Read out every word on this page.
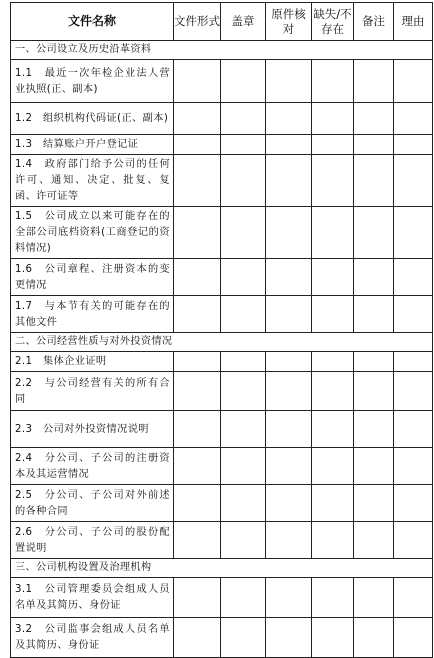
文件名称	文件形式	盖章	原件核对	缺失/不存在	备注	理由
一、公司设立及历史沿革资料						
1.1　最近一次年检企业法人营业执照(正、副本)						
1.2　组织机构代码证(正、副本)						
1.3　结算账户开户登记证						
1.4　政府部门给予公司的任何许可、通知、决定、批复、复函、许可证等						
1.5　公司成立以来可能存在的全部公司底档资料(工商登记的资料情况)						
1.6　公司章程、注册资本的变更情况						
1.7　与本节有关的可能存在的其他文件						
二、公司经营性质与对外投资情况						
2.1　集体企业证明						
2.2　与公司经营有关的所有合同						
2.3　公司对外投资情况说明						
2.4　分公司、子公司的注册资本及其运营情况						
2.5　分公司、子公司对外前述的各种合同						
2.6　分公司、子公司的股份配置说明						
三、公司机构设置及治理机构						
3.1　公司管理委员会组成人员名单及其简历、身份证						
3.2　公司监事会组成人员名单及其简历、身份证						
